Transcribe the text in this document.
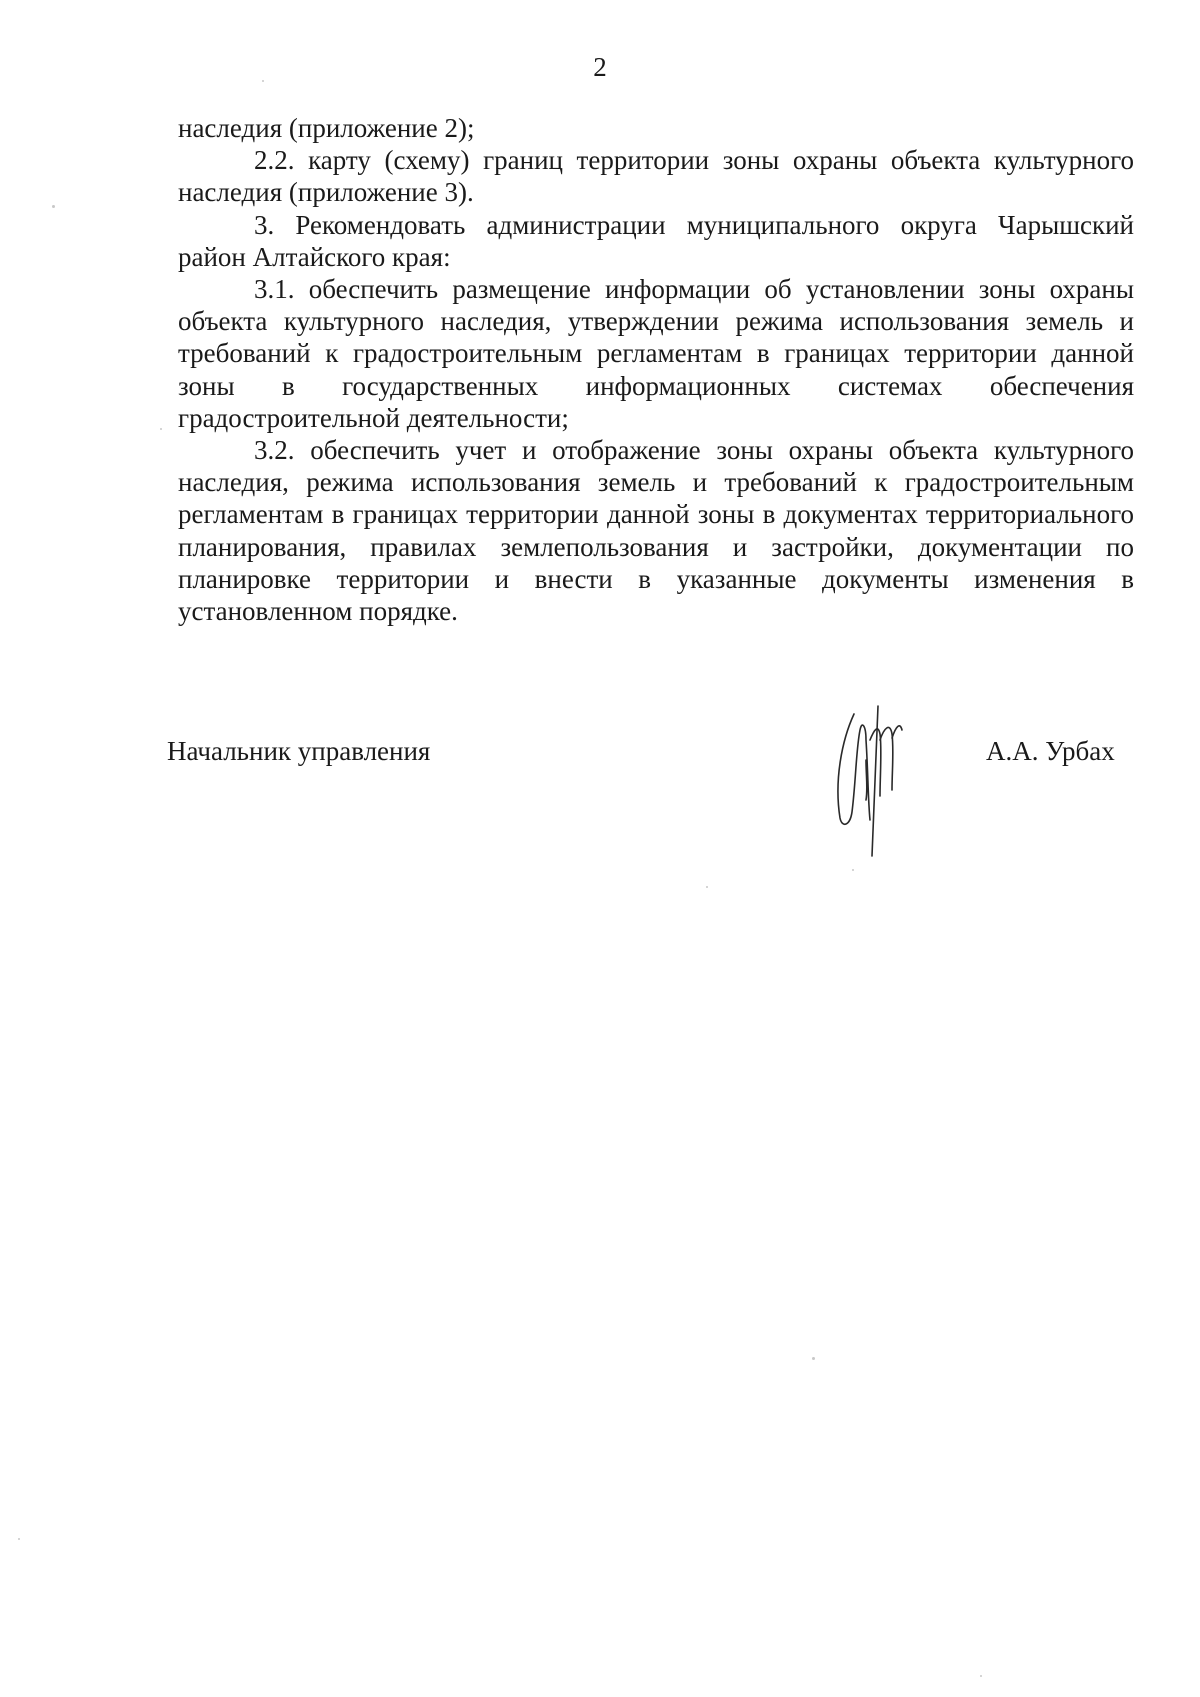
2

наследия (приложение 2);

2.2. карту (схему) границ территории зоны охраны объекта культурного наследия (приложение 3).

3. Рекомендовать администрации муниципального округа Чарышский район Алтайского края:

3.1. обеспечить размещение информации об установлении зоны охраны объекта культурного наследия, утверждении режима использования земель и требований к градостроительным регламентам в границах территории данной зоны в государственных информационных системах обеспечения градостроительной деятельности;

3.2. обеспечить учет и отображение зоны охраны объекта культурного наследия, режима использования земель и требований к градостроительным регламентам в границах территории данной зоны в документах территориального планирования, правилах землепользования и застройки, документации по планировке территории и внести в указанные документы изменения в установленном порядке.

Начальник управления	А.А. Урбах
